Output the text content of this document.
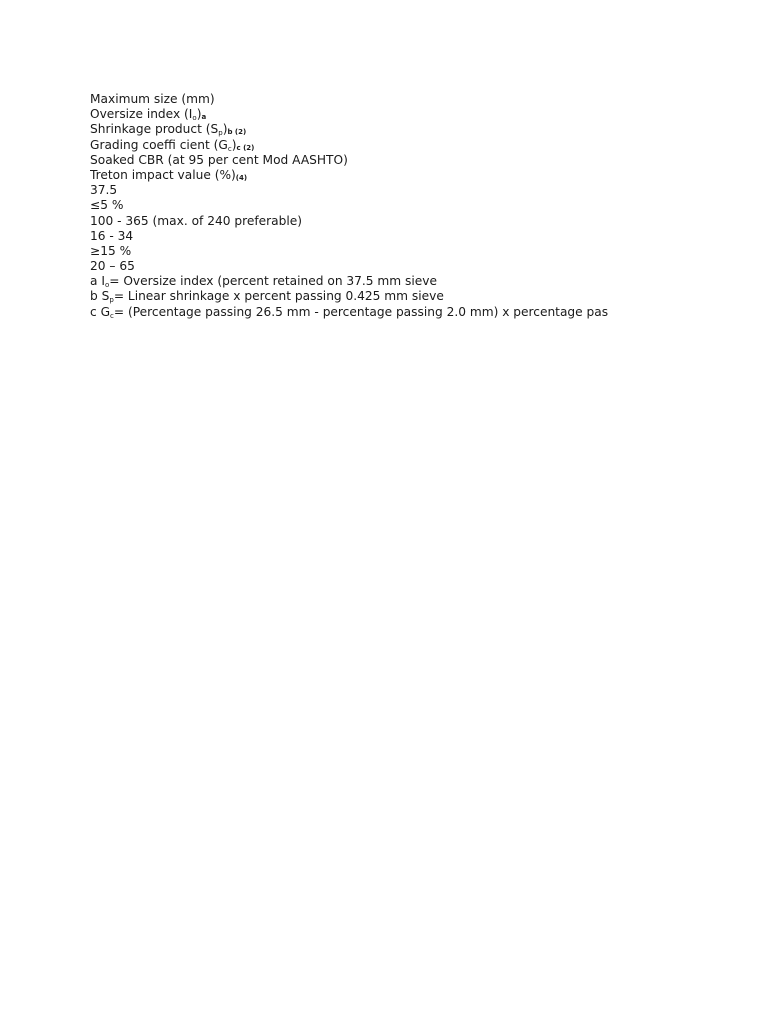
Maximum size (mm)
Oversize index $(I_o)a$
Shrinkage product $(S_p)b$ (2)
Grading coeffi cient $(G_c)c$ (2)
Soaked CBR (at 95 per cent Mod AASHTO)
Treton impact value (%)(4)
37.5
≤5 %
100 - 365 (max. of 240 preferable)
16 - 34
≥15 %
20 – 65
a $I_o=$ Oversize index (percent retained on 37.5 mm sieve
b $S_p=$ Linear shrinkage x percent passing 0.425 mm sieve
c $G_c=$ (Percentage passing 26.5 mm - percentage passing 2.0 mm) x percentage pas
